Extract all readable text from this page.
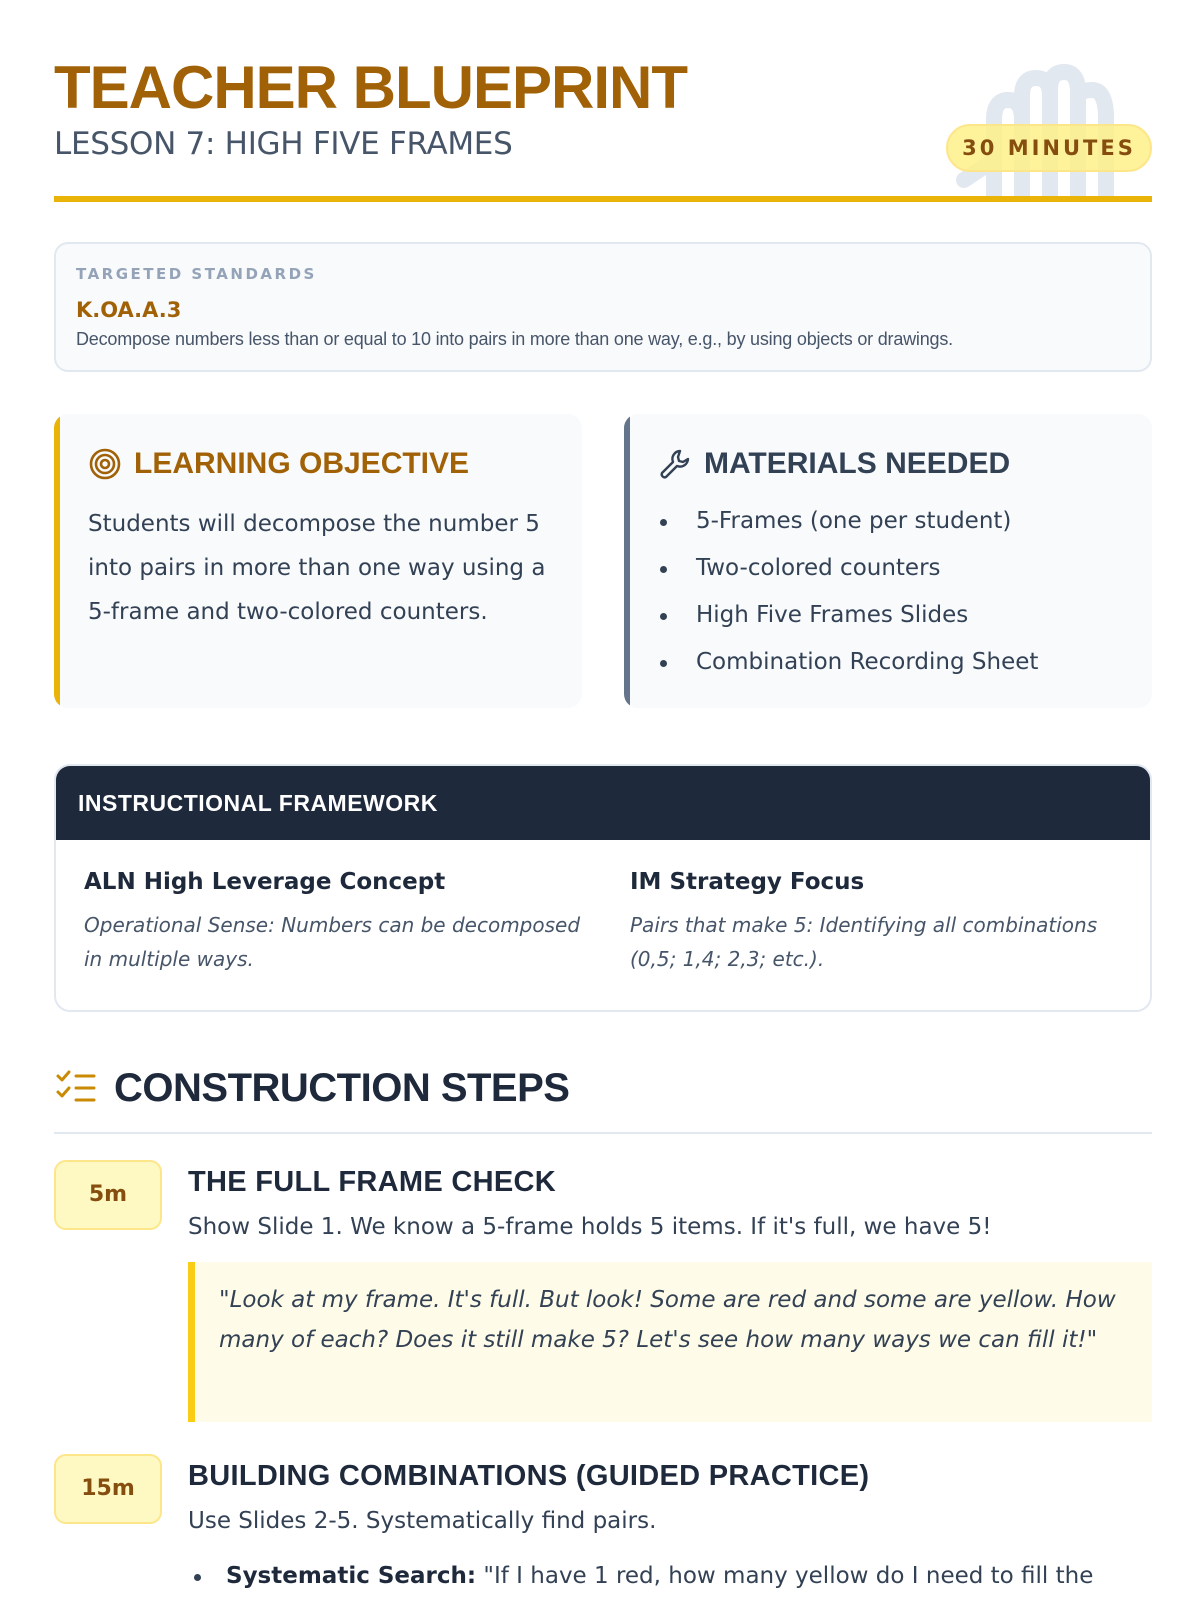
TEACHER BLUEPRINT
LESSON 7: HIGH FIVE FRAMES	30 MINUTES
TARGETED STANDARDS
K.OA.A.3
Decompose numbers less than or equal to 10 into pairs in more than one way, e.g., by using objects or drawings.
LEARNING OBJECTIVE
Students will decompose the number 5 into pairs in more than one way using a 5-frame and two-colored counters.
MATERIALS NEEDED
5-Frames (one per student)
Two-colored counters
High Five Frames Slides
Combination Recording Sheet
INSTRUCTIONAL FRAMEWORK
ALN High Leverage Concept
Operational Sense: Numbers can be decomposed in multiple ways.
IM Strategy Focus
Pairs that make 5: Identifying all combinations (0,5; 1,4; 2,3; etc.).
CONSTRUCTION STEPS
5m	THE FULL FRAME CHECK
Show Slide 1. We know a 5-frame holds 5 items. If it's full, we have 5!
"Look at my frame. It's full. But look! Some are red and some are yellow. How many of each? Does it still make 5? Let's see how many ways we can fill it!"
15m	BUILDING COMBINATIONS (GUIDED PRACTICE)
Use Slides 2-5. Systematically find pairs.
Systematic Search: "If I have 1 red, how many yellow do I need to fill the
